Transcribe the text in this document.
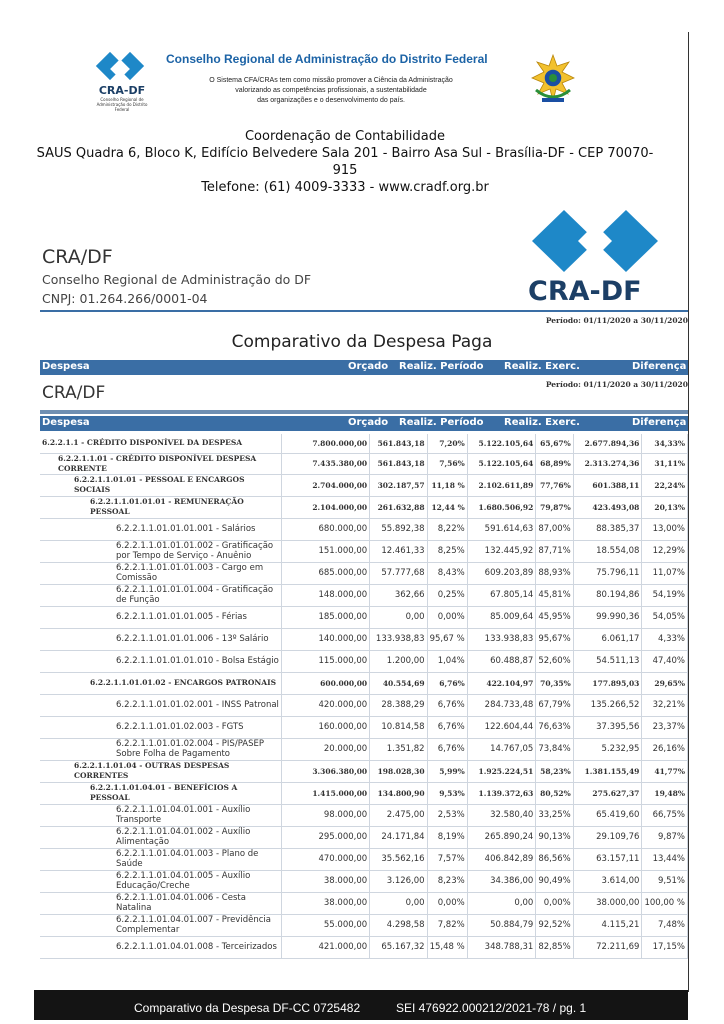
CRA-DF
Conselho Regional de Administração do Distrito Federal
Conselho Regional de Administração do Distrito Federal
O Sistema CFA/CRAs tem como missão promover a Ciência da Administração
valorizando as competências profissionais, a sustentabilidade
das organizações e o desenvolvimento do país.
Coordenação de Contabilidade
SAUS Quadra 6, Bloco K, Edifício Belvedere Sala 201 - Bairro Asa Sul - Brasília-DF - CEP 70070-915
Telefone: (61) 4009-3333 - www.cradf.org.br
CRA/DF
Conselho Regional de Administração do DF
CNPJ: 01.264.266/0001-04	CRA-DF
Período: 01/11/2020 a 30/11/2020
Comparativo da Despesa Paga
Despesa	Orçado Realiz. Período Realiz. Exerc.	Diferença
CRA/DF	Período: 01/11/2020 a 30/11/2020
Despesa	Orçado Realiz. Período Realiz. Exerc.	Diferença
6.2.2.1.1 - CRÉDITO DISPONÍVEL DA DESPESA	7.800.000,00	561.843,18	7,20%	5.122.105,64	65,67%	2.677.894,36	34,33%
6.2.2.1.1.01 - CRÉDITO DISPONÍVEL DESPESA CORRENTE	7.435.380,00	561.843,18	7,56%	5.122.105,64	68,89%	2.313.274,36	31,11%
6.2.2.1.1.01.01 - PESSOAL E ENCARGOS SOCIAIS	2.704.000,00	302.187,57	11,18 %	2.102.611,89	77,76%	601.388,11	22,24%
6.2.2.1.1.01.01.01 - REMUNERAÇÃO PESSOAL	2.104.000,00	261.632,88	12,44 %	1.680.506,92	79,87%	423.493,08	20,13%
6.2.2.1.1.01.01.01.001 - Salários	680.000,00	55.892,38	8,22%	591.614,63	87,00%	88.385,37	13,00%
6.2.2.1.1.01.01.01.002 - Gratificação por Tempo de Serviço - Anuênio	151.000,00	12.461,33	8,25%	132.445,92	87,71%	18.554,08	12,29%
6.2.2.1.1.01.01.01.003 - Cargo em Comissão	685.000,00	57.777,68	8,43%	609.203,89	88,93%	75.796,11	11,07%
6.2.2.1.1.01.01.01.004 - Gratificação de Função	148.000,00	362,66	0,25%	67.805,14	45,81%	80.194,86	54,19%
6.2.2.1.1.01.01.01.005 - Férias	185.000,00	0,00	0,00%	85.009,64	45,95%	99.990,36	54,05%
6.2.2.1.1.01.01.01.006 - 13º Salário	140.000,00	133.938,83	95,67 %	133.938,83	95,67%	6.061,17	4,33%
6.2.2.1.1.01.01.01.010 - Bolsa Estágio	115.000,00	1.200,00	1,04%	60.488,87	52,60%	54.511,13	47,40%
6.2.2.1.1.01.01.02 - ENCARGOS PATRONAIS	600.000,00	40.554,69	6,76%	422.104,97	70,35%	177.895,03	29,65%
6.2.2.1.1.01.01.02.001 - INSS Patronal	420.000,00	28.388,29	6,76%	284.733,48	67,79%	135.266,52	32,21%
6.2.2.1.1.01.01.02.003 - FGTS	160.000,00	10.814,58	6,76%	122.604,44	76,63%	37.395,56	23,37%
6.2.2.1.1.01.01.02.004 - PIS/PASEP Sobre Folha de Pagamento	20.000,00	1.351,82	6,76%	14.767,05	73,84%	5.232,95	26,16%
6.2.2.1.1.01.04 - OUTRAS DESPESAS CORRENTES	3.306.380,00	198.028,30	5,99%	1.925.224,51	58,23%	1.381.155,49	41,77%
6.2.2.1.1.01.04.01 - BENEFÍCIOS A PESSOAL	1.415.000,00	134.800,90	9,53%	1.139.372,63	80,52%	275.627,37	19,48%
6.2.2.1.1.01.04.01.001 - Auxílio Transporte	98.000,00	2.475,00	2,53%	32.580,40	33,25%	65.419,60	66,75%
6.2.2.1.1.01.04.01.002 - Auxílio Alimentação	295.000,00	24.171,84	8,19%	265.890,24	90,13%	29.109,76	9,87%
6.2.2.1.1.01.04.01.003 - Plano de Saúde	470.000,00	35.562,16	7,57%	406.842,89	86,56%	63.157,11	13,44%
6.2.2.1.1.01.04.01.005 - Auxílio Educação/Creche	38.000,00	3.126,00	8,23%	34.386,00	90,49%	3.614,00	9,51%
6.2.2.1.1.01.04.01.006 - Cesta Natalina	38.000,00	0,00	0,00%	0,00	0,00%	38.000,00	100,00 %
6.2.2.1.1.01.04.01.007 - Previdência Complementar	55.000,00	4.298,58	7,82%	50.884,79	92,52%	4.115,21	7,48%
6.2.2.1.1.01.04.01.008 - Terceirizados	421.000,00	65.167,32	15,48 %	348.788,31	82,85%	72.211,69	17,15%
Comparativo da Despesa DF-CC 0725482	SEI 476922.000212/2021-78 / pg. 1
